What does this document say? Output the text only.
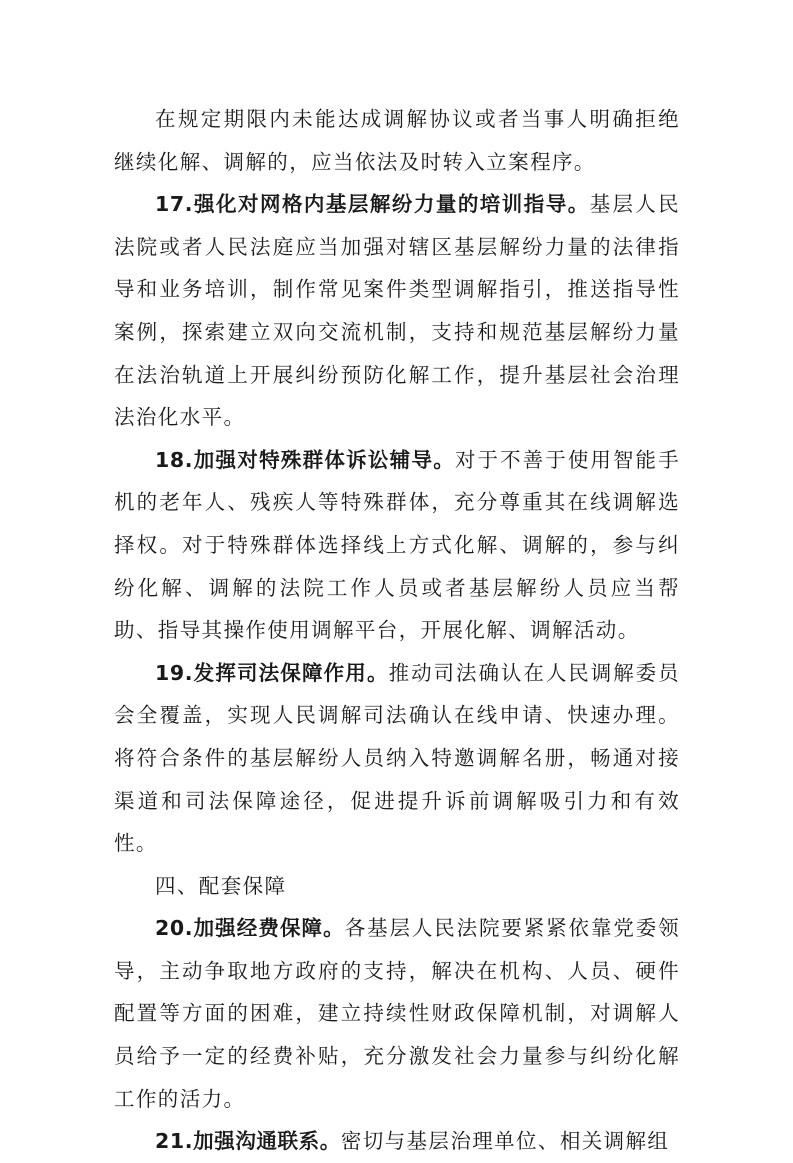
在规定期限内未能达成调解协议或者当事人明确拒绝继续化解、调解的，应当依法及时转入立案程序。

17.强化对网格内基层解纷力量的培训指导。基层人民法院或者人民法庭应当加强对辖区基层解纷力量的法律指导和业务培训，制作常见案件类型调解指引，推送指导性案例，探索建立双向交流机制，支持和规范基层解纷力量在法治轨道上开展纠纷预防化解工作，提升基层社会治理法治化水平。

18.加强对特殊群体诉讼辅导。对于不善于使用智能手机的老年人、残疾人等特殊群体，充分尊重其在线调解选择权。对于特殊群体选择线上方式化解、调解的，参与纠纷化解、调解的法院工作人员或者基层解纷人员应当帮助、指导其操作使用调解平台，开展化解、调解活动。

19.发挥司法保障作用。推动司法确认在人民调解委员会全覆盖，实现人民调解司法确认在线申请、快速办理。将符合条件的基层解纷人员纳入特邀调解名册，畅通对接渠道和司法保障途径，促进提升诉前调解吸引力和有效性。

四、配套保障

20.加强经费保障。各基层人民法院要紧紧依靠党委领导，主动争取地方政府的支持，解决在机构、人员、硬件配置等方面的困难，建立持续性财政保障机制，对调解人员给予一定的经费补贴，充分激发社会力量参与纠纷化解工作的活力。

21.加强沟通联系。密切与基层治理单位、相关调解组
